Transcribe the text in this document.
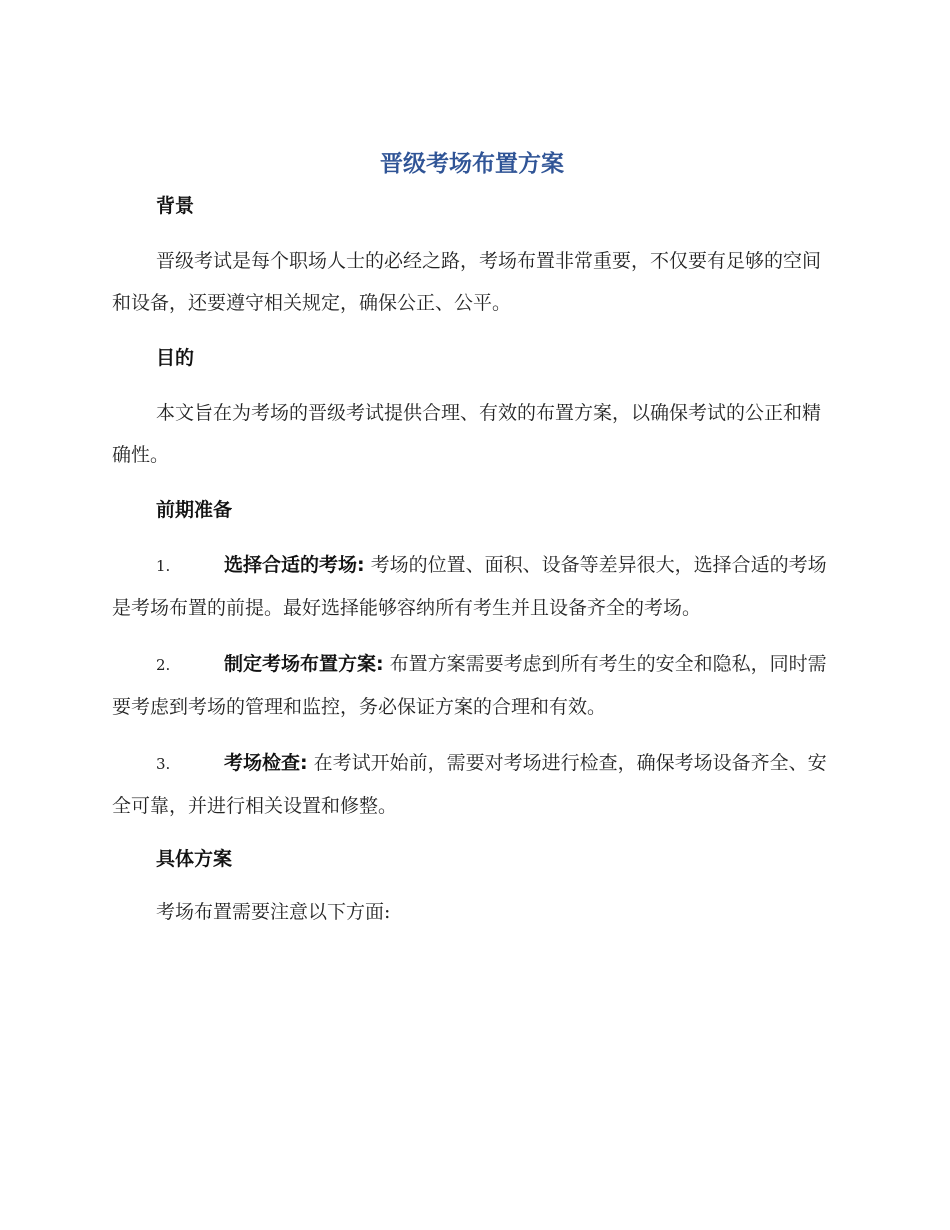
晋级考场布置方案
背景

晋级考试是每个职场人士的必经之路，考场布置非常重要，不仅要有足够的空间和设备，还要遵守相关规定，确保公正、公平。

目的

本文旨在为考场的晋级考试提供合理、有效的布置方案，以确保考试的公正和精确性。

前期准备

1.	选择合适的考场: 考场的位置、面积、设备等差异很大，选择合适的考场是考场布置的前提。最好选择能够容纳所有考生并且设备齐全的考场。

2.	制定考场布置方案: 布置方案需要考虑到所有考生的安全和隐私，同时需要考虑到考场的管理和监控，务必保证方案的合理和有效。

3.	考场检查: 在考试开始前，需要对考场进行检查，确保考场设备齐全、安全可靠，并进行相关设置和修整。

具体方案

考场布置需要注意以下方面:
